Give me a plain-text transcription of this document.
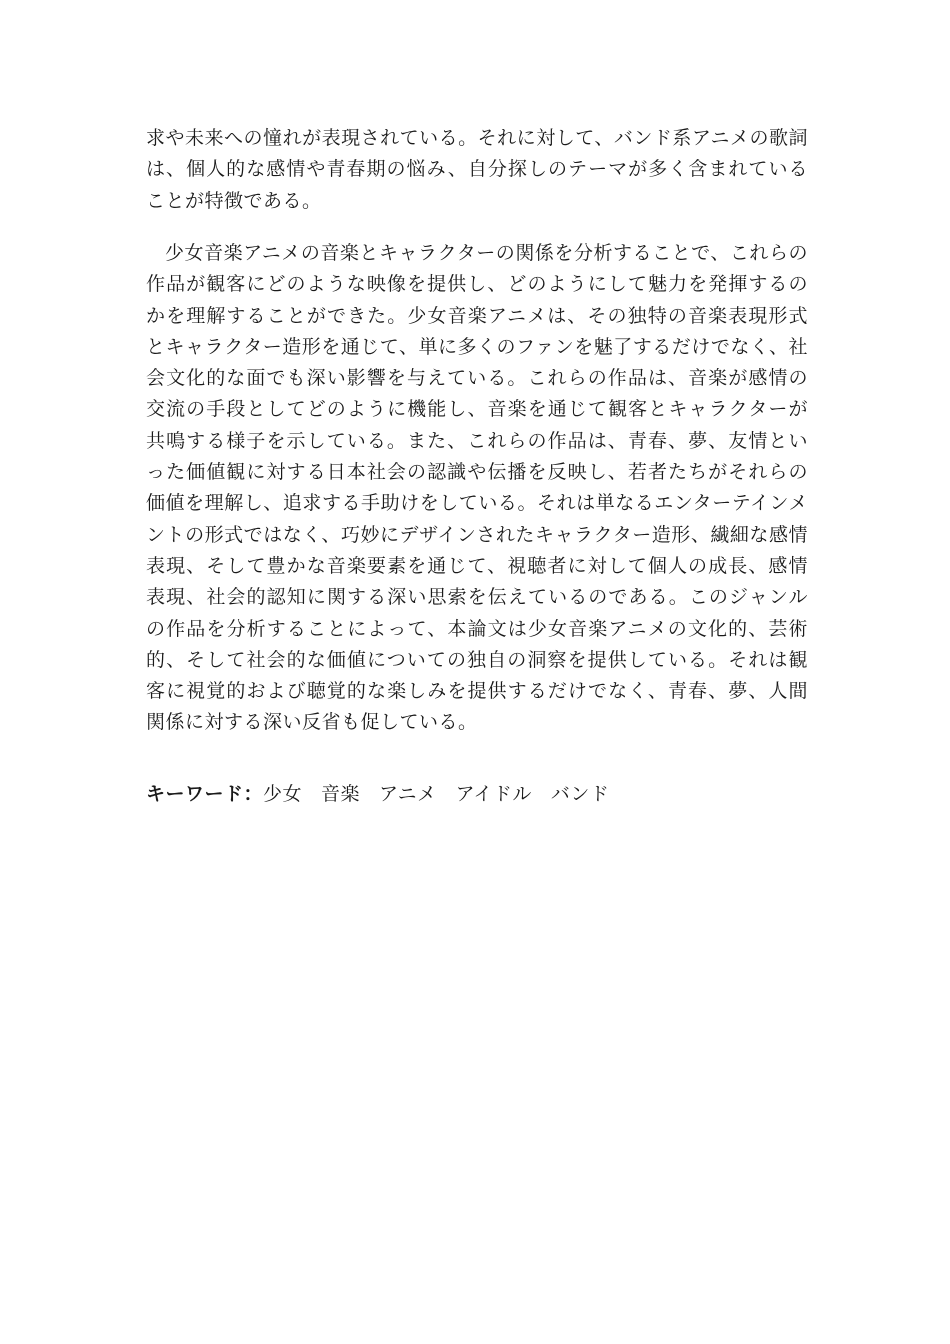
求や未来への憧れが表現されている。それに対して、バンド系アニメの歌詞は、個人的な感情や青春期の悩み、自分探しのテーマが多く含まれていることが特徴である。

少女音楽アニメの音楽とキャラクターの関係を分析することで、これらの作品が観客にどのような映像を提供し、どのようにして魅力を発揮するのかを理解することができた。少女音楽アニメは、その独特の音楽表現形式とキャラクター造形を通じて、単に多くのファンを魅了するだけでなく、社会文化的な面でも深い影響を与えている。これらの作品は、音楽が感情の交流の手段としてどのように機能し、音楽を通じて観客とキャラクターが共鳴する様子を示している。また、これらの作品は、青春、夢、友情といった価値観に対する日本社会の認識や伝播を反映し、若者たちがそれらの価値を理解し、追求する手助けをしている。それは単なるエンターテインメントの形式ではなく、巧妙にデザインされたキャラクター造形、繊細な感情表現、そして豊かな音楽要素を通じて、視聴者に対して個人の成長、感情表現、社会的認知に関する深い思索を伝えているのである。このジャンルの作品を分析することによって、本論文は少女音楽アニメの文化的、芸術的、そして社会的な価値についての独自の洞察を提供している。それは観客に視覚的および聴覚的な楽しみを提供するだけでなく、青春、夢、人間関係に対する深い反省も促している。

キーワード：少女 音楽 アニメ アイドル バンド
